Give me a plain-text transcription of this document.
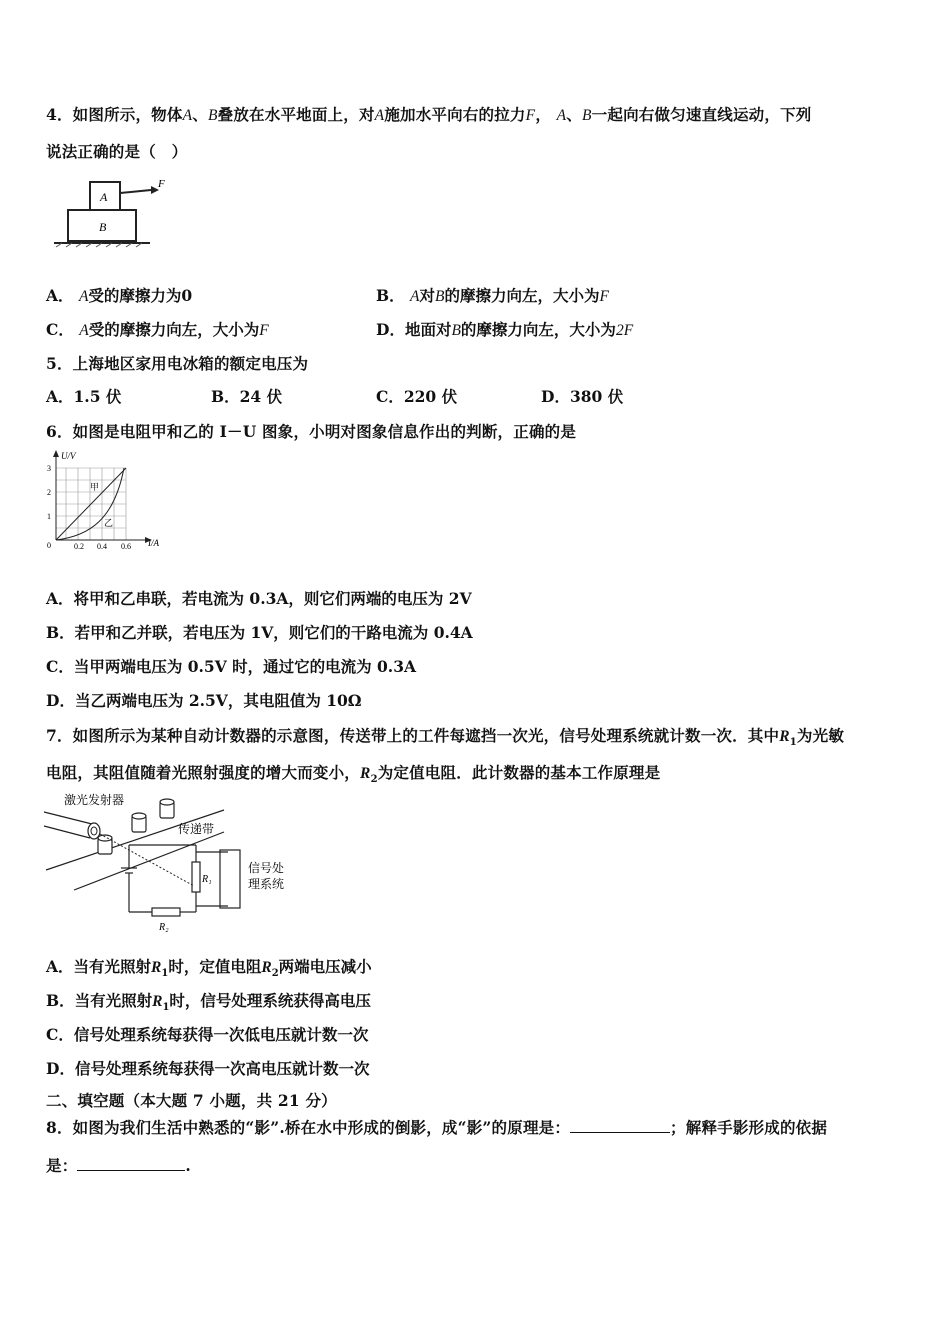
4．如图所示，物体A、B叠放在水平地面上，对A施加水平向右的拉力F， A、B一起向右做匀速直线运动，下列
说法正确的是（　）
A
B
F
A． A受的摩擦力为0	B． A对B的摩擦力向左，大小为F
C． A受的摩擦力向左，大小为F	D．地面对B的摩擦力向左，大小为2F
5．上海地区家用电冰箱的额定电压为
A．1.5 伏	B．24 伏	C．220 伏	D．380 伏
6．如图是电阻甲和乙的 I－U 图象，小明对图象信息作出的判断，正确的是
U/V
I/A
3
2
1
0	0.2 0.4 0.6
甲
乙
A．将甲和乙串联，若电流为 0.3A，则它们两端的电压为 2V
B．若甲和乙并联，若电压为 1V，则它们的干路电流为 0.4A
C．当甲两端电压为 0.5V 时，通过它的电流为 0.3A
D．当乙两端电压为 2.5V，其电阻值为 10Ω
7．如图所示为某种自动计数器的示意图，传送带上的工件每遮挡一次光，信号处理系统就计数一次．其中$R_1$为光敏
电阻，其阻值随着光照射强度的增大而变小，$R_2$为定值电阻．此计数器的基本工作原理是
激光发射器
传递带
R₁
R₂
信号处
理系统
A．当有光照射$R_1$时，定值电阻$R_2$两端电压减小
B．当有光照射$R_1$时，信号处理系统获得高电压
C．信号处理系统每获得一次低电压就计数一次
D．信号处理系统每获得一次高电压就计数一次
二、填空题（本大题 7 小题，共 21 分）
8．如图为我们生活中熟悉的“影”.桥在水中形成的倒影，成“影”的原理是：	；解释手影形成的依据
是：	.
